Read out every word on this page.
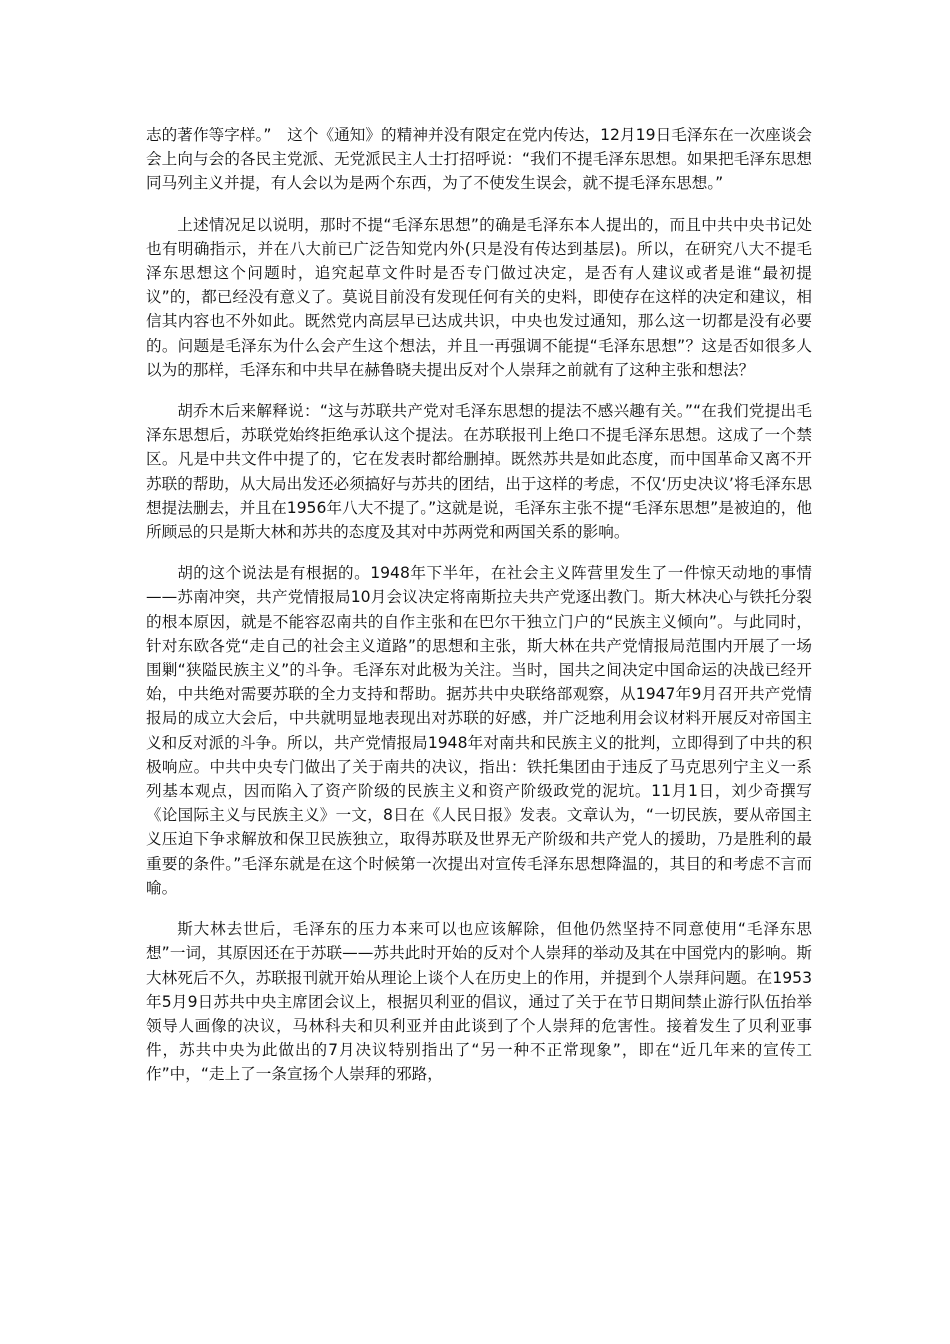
志的著作等字样。”　这个《通知》的精神并没有限定在党内传达，12月19日毛泽东在一次座谈会会上向与会的各民主党派、无党派民主人士打招呼说：“我们不提毛泽东思想。如果把毛泽东思想同马列主义并提，有人会以为是两个东西，为了不使发生误会，就不提毛泽东思想。”

上述情况足以说明，那时不提“毛泽东思想”的确是毛泽东本人提出的，而且中共中央书记处也有明确指示，并在八大前已广泛告知党内外(只是没有传达到基层)。所以，在研究八大不提毛泽东思想这个问题时，追究起草文件时是否专门做过决定，是否有人建议或者是谁“最初提议”的，都已经没有意义了。莫说目前没有发现任何有关的史料，即使存在这样的决定和建议，相信其内容也不外如此。既然党内高层早已达成共识，中央也发过通知，那么这一切都是没有必要的。问题是毛泽东为什么会产生这个想法，并且一再强调不能提“毛泽东思想”？这是否如很多人以为的那样，毛泽东和中共早在赫鲁晓夫提出反对个人崇拜之前就有了这种主张和想法？

胡乔木后来解释说：“这与苏联共产党对毛泽东思想的提法不感兴趣有关。”“在我们党提出毛泽东思想后，苏联党始终拒绝承认这个提法。在苏联报刊上绝口不提毛泽东思想。这成了一个禁区。凡是中共文件中提了的，它在发表时都给删掉。既然苏共是如此态度，而中国革命又离不开苏联的帮助，从大局出发还必须搞好与苏共的团结，出于这样的考虑，不仅‘历史决议’将毛泽东思想提法删去，并且在1956年八大不提了。”这就是说，毛泽东主张不提“毛泽东思想”是被迫的，他所顾忌的只是斯大林和苏共的态度及其对中苏两党和两国关系的影响。

胡的这个说法是有根据的。1948年下半年，在社会主义阵营里发生了一件惊天动地的事情——苏南冲突，共产党情报局10月会议决定将南斯拉夫共产党逐出教门。斯大林决心与铁托分裂的根本原因，就是不能容忍南共的自作主张和在巴尔干独立门户的“民族主义倾向”。与此同时，针对东欧各党“走自己的社会主义道路”的思想和主张，斯大林在共产党情报局范围内开展了一场围剿“狭隘民族主义”的斗争。毛泽东对此极为关注。当时，国共之间决定中国命运的决战已经开始，中共绝对需要苏联的全力支持和帮助。据苏共中央联络部观察，从1947年9月召开共产党情报局的成立大会后，中共就明显地表现出对苏联的好感，并广泛地利用会议材料开展反对帝国主义和反对派的斗争。所以，共产党情报局1948年对南共和民族主义的批判，立即得到了中共的积极响应。中共中央专门做出了关于南共的决议，指出：铁托集团由于违反了马克思列宁主义一系列基本观点，因而陷入了资产阶级的民族主义和资产阶级政党的泥坑。11月1日，刘少奇撰写《论国际主义与民族主义》一文，8日在《人民日报》发表。文章认为，“一切民族，要从帝国主义压迫下争求解放和保卫民族独立，取得苏联及世界无产阶级和共产党人的援助，乃是胜利的最重要的条件。”毛泽东就是在这个时候第一次提出对宣传毛泽东思想降温的，其目的和考虑不言而喻。

斯大林去世后，毛泽东的压力本来可以也应该解除，但他仍然坚持不同意使用“毛泽东思想”一词，其原因还在于苏联——苏共此时开始的反对个人崇拜的举动及其在中国党内的影响。斯大林死后不久，苏联报刊就开始从理论上谈个人在历史上的作用，并提到个人崇拜问题。在1953年5月9日苏共中央主席团会议上，根据贝利亚的倡议，通过了关于在节日期间禁止游行队伍抬举领导人画像的决议，马林科夫和贝利亚并由此谈到了个人崇拜的危害性。接着发生了贝利亚事件，苏共中央为此做出的7月决议特别指出了“另一种不正常现象”，即在“近几年来的宣传工作”中，“走上了一条宣扬个人崇拜的邪路，
